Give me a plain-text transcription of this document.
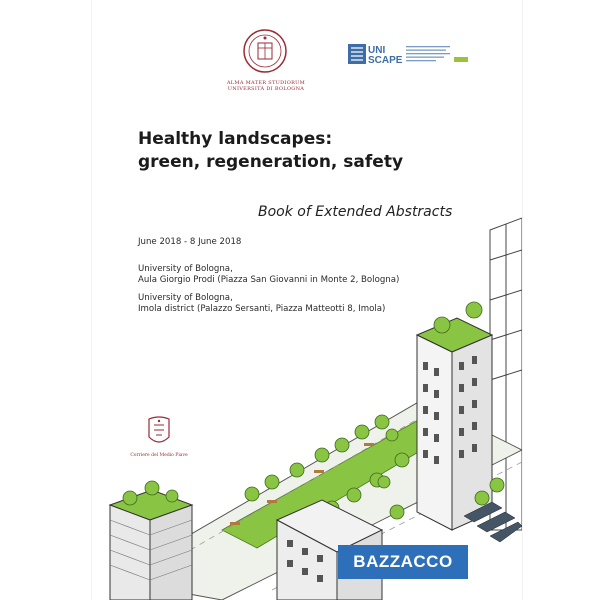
ALMA MATER STUDIORUM
UNIVERSITÀ DI BOLOGNA
UNI
SCAPE
Healthy landscapes:
green, regeneration, safety
Book of Extended Abstracts
June 2018 - 8 June 2018
University of Bologna,
Aula Giorgio Prodi (Piazza San Giovanni in Monte 2, Bologna)
University of Bologna,
Imola district (Palazzo Sersanti, Piazza Matteotti 8, Imola)
Corriere del Medio Piave
BAZZACCO
